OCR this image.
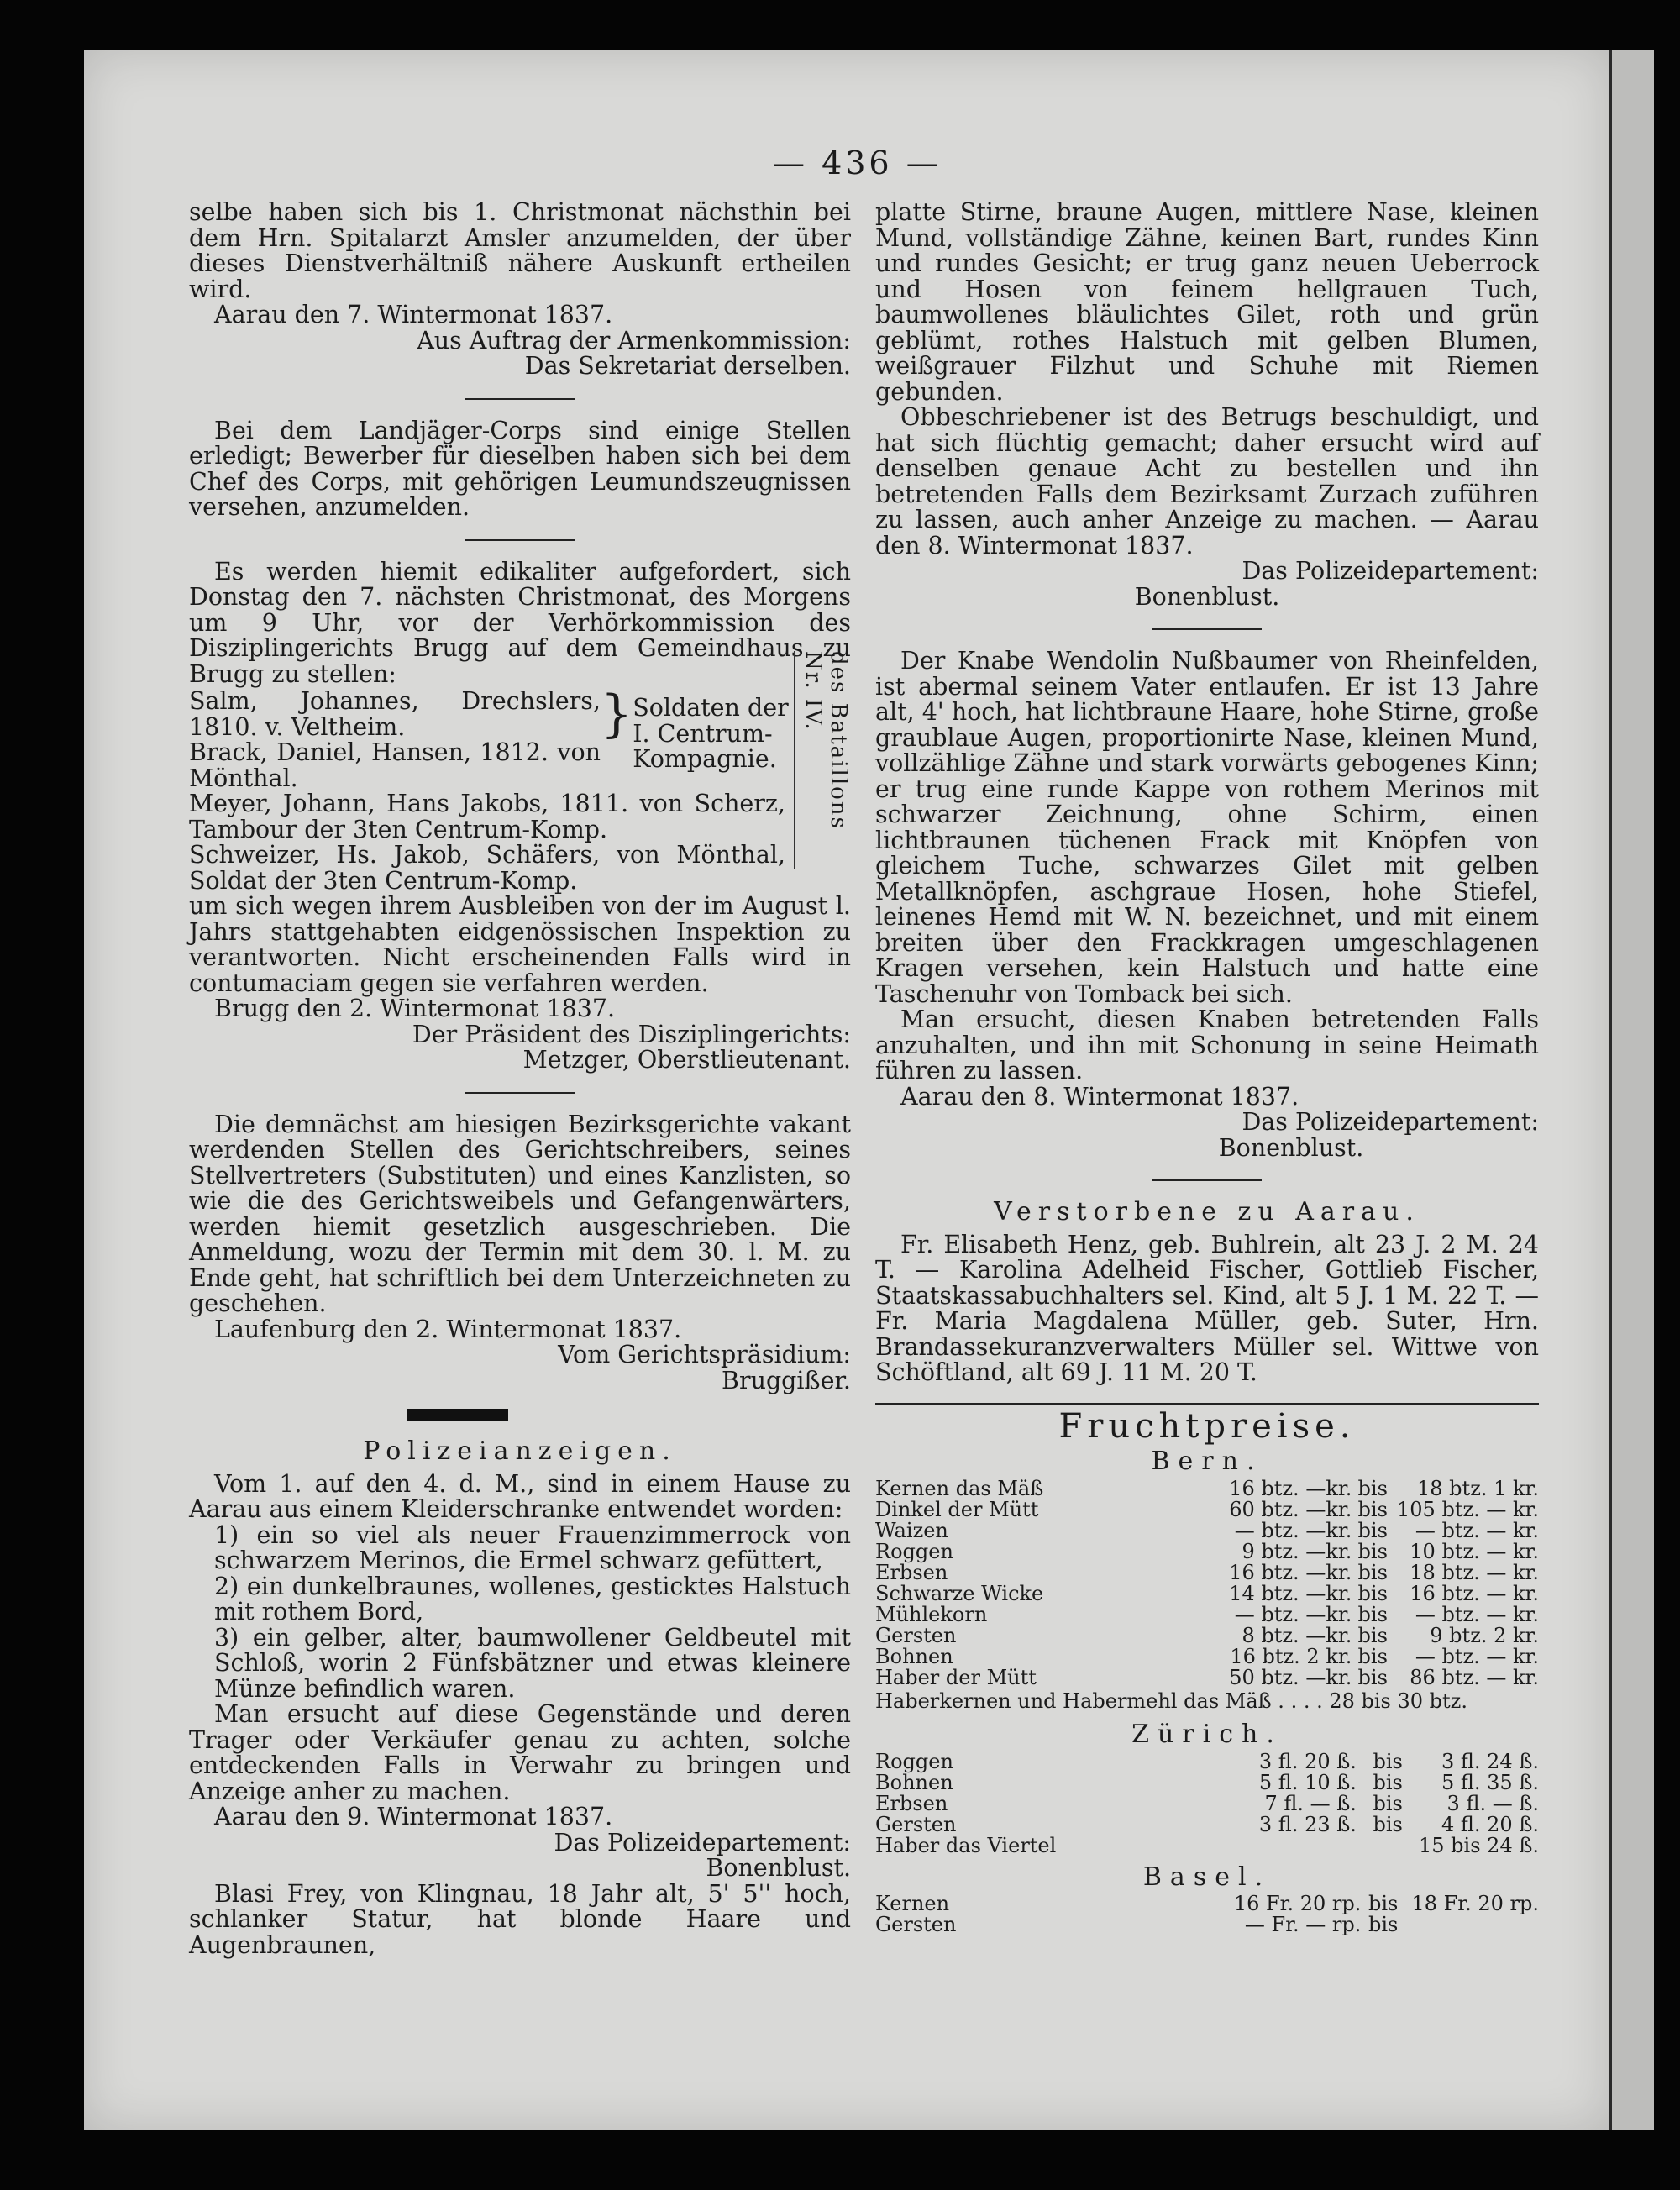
— 436 —

selbe haben sich bis 1. Christmonat nächsthin bei dem Hrn. Spitalarzt Amsler anzumelden, der über dieses Dienstverhältniß nähere Auskunft ertheilen wird.

Aarau den 7. Wintermonat 1837.

Aus Auftrag der Armenkommission:

Das Sekretariat derselben.

Bei dem Landjäger-Corps sind einige Stellen erledigt; Bewerber für dieselben haben sich bei dem Chef des Corps, mit gehörigen Leumundszeugnissen versehen, anzumelden.

Es werden hiemit edikaliter aufgefordert, sich Donstag den 7. nächsten Christmonat, des Morgens um 9 Uhr, vor der Verhörkommission des Disziplingerichts Brugg auf dem Gemeindhaus zu Brugg zu stellen:

Salm, Johannes, Drechslers, 1810. v. Veltheim.

Brack, Daniel, Hansen, 1812. von Mönthal.

} Soldaten der I. Centrum-Kompagnie.

Meyer, Johann, Hans Jakobs, 1811. von Scherz, Tambour der 3ten Centrum-Komp.

Schweizer, Hs. Jakob, Schäfers, von Mönthal, Soldat der 3ten Centrum-Komp.

um sich wegen ihrem Ausbleiben von der im August l. Jahrs stattgehabten eidgenössischen Inspektion zu verantworten. Nicht erscheinenden Falls wird in contumaciam gegen sie verfahren werden.

Brugg den 2. Wintermonat 1837.

Der Präsident des Disziplingerichts:

Metzger, Oberstlieutenant.

Die demnächst am hiesigen Bezirksgerichte vakant werdenden Stellen des Gerichtschreibers, seines Stellvertreters (Substituten) und eines Kanzlisten, so wie die des Gerichtsweibels und Gefangenwärters, werden hiemit gesetzlich ausgeschrieben. Die Anmeldung, wozu der Termin mit dem 30. l. M. zu Ende geht, hat schriftlich bei dem Unterzeichneten zu geschehen.

Laufenburg den 2. Wintermonat 1837.

Vom Gerichtspräsidium:

Bruggißer.

Polizeianzeigen.

Vom 1. auf den 4. d. M., sind in einem Hause zu Aarau aus einem Kleiderschranke entwendet worden:

1) ein so viel als neuer Frauenzimmerrock von schwarzem Merinos, die Ermel schwarz gefüttert,

2) ein dunkelbraunes, wollenes, gesticktes Halstuch mit rothem Bord,

3) ein gelber, alter, baumwollener Geldbeutel mit Schloß, worin 2 Fünfsbätzner und etwas kleinere Münze befindlich waren.

Man ersucht auf diese Gegenstände und deren Trager oder Verkäufer genau zu achten, solche entdeckenden Falls in Verwahr zu bringen und Anzeige anher zu machen.

Aarau den 9. Wintermonat 1837.

Das Polizeidepartement:

Bonenblust.

Blasi Frey, von Klingnau, 18 Jahr alt, 5' 5'' hoch, schlanker Statur, hat blonde Haare und Augenbraunen,

des Bataillons Nr. IV.

platte Stirne, braune Augen, mittlere Nase, kleinen Mund, vollständige Zähne, keinen Bart, rundes Kinn und rundes Gesicht; er trug ganz neuen Ueberrock und Hosen von feinem hellgrauen Tuch, baumwollenes bläulichtes Gilet, roth und grün geblümt, rothes Halstuch mit gelben Blumen, weißgrauer Filzhut und Schuhe mit Riemen gebunden.

Obbeschriebener ist des Betrugs beschuldigt, und hat sich flüchtig gemacht; daher ersucht wird auf denselben genaue Acht zu bestellen und ihn betretenden Falls dem Bezirksamt Zurzach zuführen zu lassen, auch anher Anzeige zu machen. — Aarau den 8. Wintermonat 1837.

Das Polizeidepartement:

Bonenblust.

Der Knabe Wendolin Nußbaumer von Rheinfelden, ist abermal seinem Vater entlaufen. Er ist 13 Jahre alt, 4' hoch, hat lichtbraune Haare, hohe Stirne, große graublaue Augen, proportionirte Nase, kleinen Mund, vollzählige Zähne und stark vorwärts gebogenes Kinn; er trug eine runde Kappe von rothem Merinos mit schwarzer Zeichnung, ohne Schirm, einen lichtbraunen tüchenen Frack mit Knöpfen von gleichem Tuche, schwarzes Gilet mit gelben Metallknöpfen, aschgraue Hosen, hohe Stiefel, leinenes Hemd mit W. N. bezeichnet, und mit einem breiten über den Frackkragen umgeschlagenen Kragen versehen, kein Halstuch und hatte eine Taschenuhr von Tomback bei sich.

Man ersucht, diesen Knaben betretenden Falls anzuhalten, und ihn mit Schonung in seine Heimath führen zu lassen.

Aarau den 8. Wintermonat 1837.

Das Polizeidepartement:

Bonenblust.

Verstorbene zu Aarau.

Fr. Elisabeth Henz, geb. Buhlrein, alt 23 J. 2 M. 24 T. — Karolina Adelheid Fischer, Gottlieb Fischer, Staatskassabuchhalters sel. Kind, alt 5 J. 1 M. 22 T. — Fr. Maria Magdalena Müller, geb. Suter, Hrn. Brandassekuranzverwalters Müller sel. Wittwe von Schöftland, alt 69 J. 11 M. 20 T.

Fruchtpreise.

Bern.

Kernen das Mäß	16 btz. —kr.	bis	18 btz. 1 kr.
Dinkel der Mütt	60 btz. —kr.	bis	105 btz. — kr.
Waizen	— btz. —kr.	bis	— btz. — kr.
Roggen	9 btz. —kr.	bis	10 btz. — kr.
Erbsen	16 btz. —kr.	bis	18 btz. — kr.
Schwarze Wicke	14 btz. —kr.	bis	16 btz. — kr.
Mühlekorn	— btz. —kr.	bis	— btz. — kr.
Gersten	8 btz. —kr.	bis	9 btz. 2 kr.
Bohnen	16 btz. 2 kr.	bis	— btz. — kr.
Haber der Mütt	50 btz. —kr.	bis	86 btz. — kr.

Haberkernen und Habermehl das Mäß . . . . 28 bis 30 btz.

Zürich.

Roggen	3 fl. 20 ß.	bis	3 fl. 24 ß.
Bohnen	5 fl. 10 ß.	bis	5 fl. 35 ß.
Erbsen	7 fl. — ß.	bis	3 fl. — ß.
Gersten	3 fl. 23 ß.	bis	4 fl. 20 ß.
Haber das Viertel	15 bis 24 ß.		

Basel.

Kernen	16 Fr. 20 rp.	bis	18 Fr. 20 rp.
Gersten	— Fr. — rp.	bis	
